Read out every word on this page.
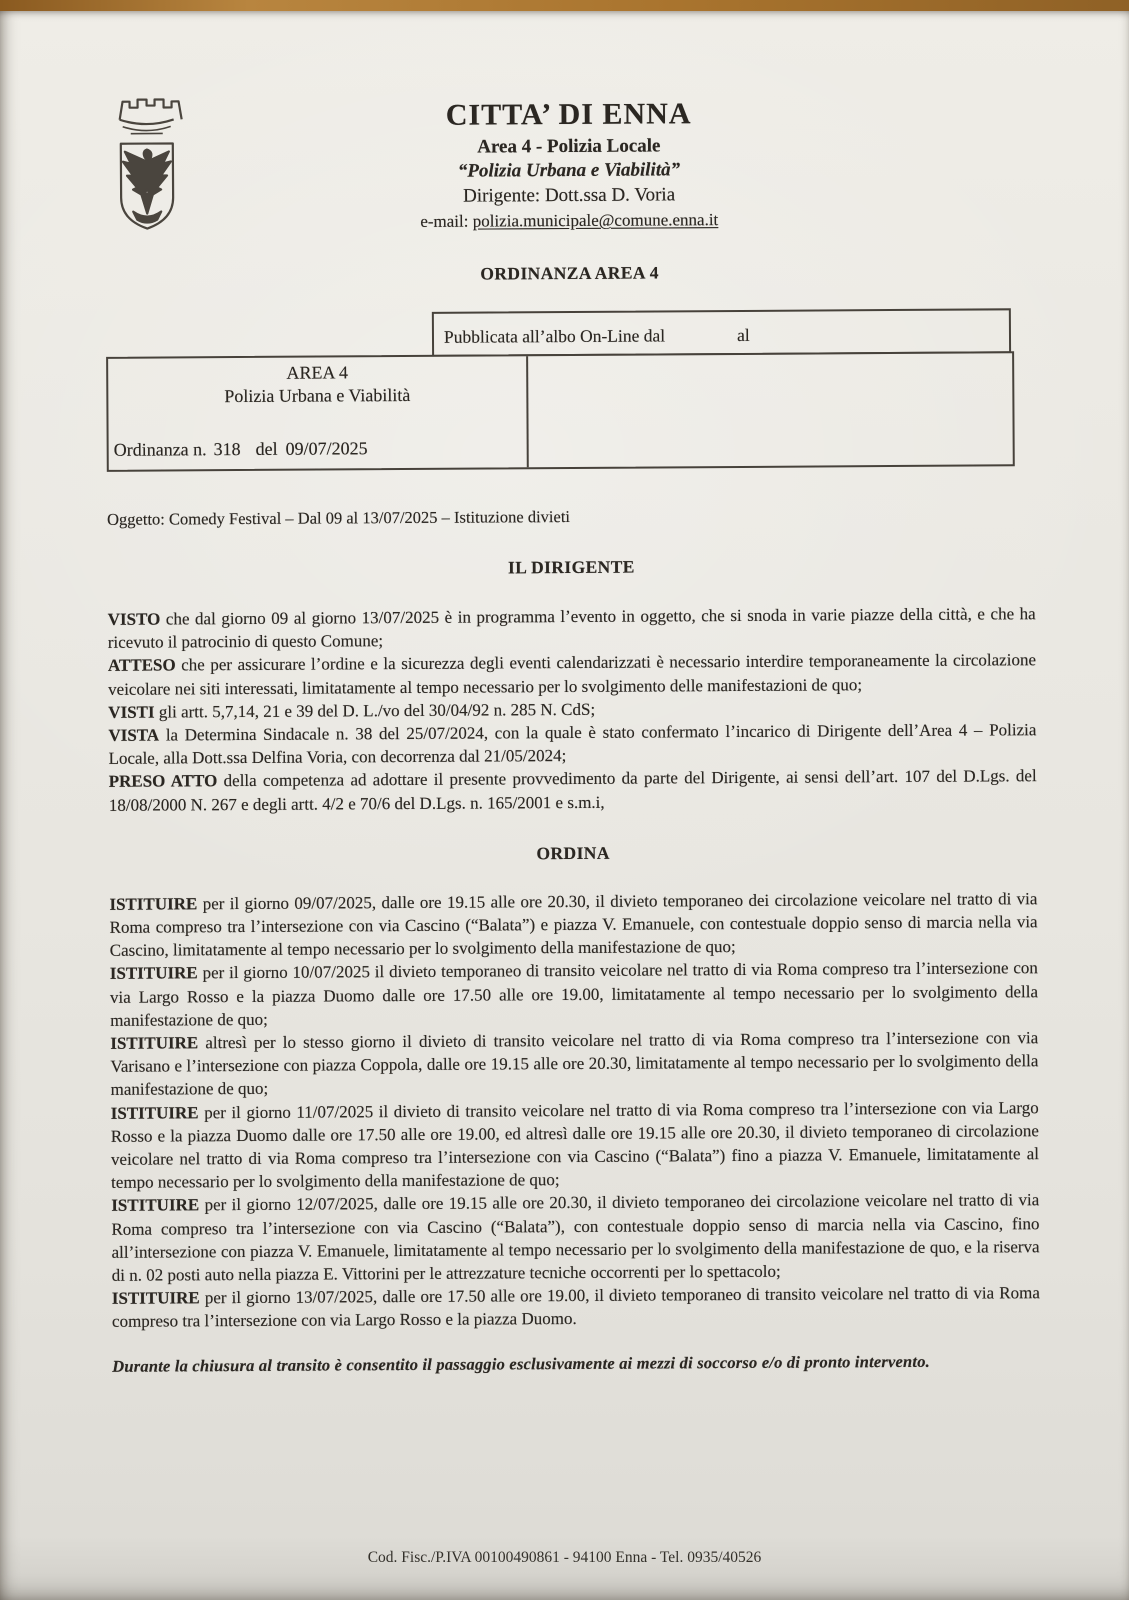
CITTA’ DI ENNA
Area 4 - Polizia Locale
“Polizia Urbana e Viabilità”
Dirigente: Dott.ssa D. Voria
e-mail: polizia.municipale@comune.enna.it
ORDINANZA AREA 4
Pubblicata all’albo On-Line dal	al
AREA 4
Polizia Urbana e Viabilità
Ordinanza n. 318 del 09/07/2025

Oggetto: Comedy Festival – Dal 09 al 13/07/2025 – Istituzione divieti

IL DIRIGENTE

VISTO che dal giorno 09 al giorno 13/07/2025 è in programma l’evento in oggetto, che si snoda in varie piazze della città, e che ha ricevuto il patrocinio di questo Comune;

ATTESO che per assicurare l’ordine e la sicurezza degli eventi calendarizzati è necessario interdire temporaneamente la circolazione veicolare nei siti interessati, limitatamente al tempo necessario per lo svolgimento delle manifestazioni de quo;

VISTI gli artt. 5,7,14, 21 e 39 del D. L./vo del 30/04/92 n. 285 N. CdS;

VISTA la Determina Sindacale n. 38 del 25/07/2024, con la quale è stato confermato l’incarico di Dirigente dell’Area 4 – Polizia Locale, alla Dott.ssa Delfina Voria, con decorrenza dal 21/05/2024;

PRESO ATTO della competenza ad adottare il presente provvedimento da parte del Dirigente, ai sensi dell’art. 107 del D.Lgs. del 18/08/2000 N. 267 e degli artt. 4/2 e 70/6 del D.Lgs. n. 165/2001 e s.m.i,

ORDINA

ISTITUIRE per il giorno 09/07/2025, dalle ore 19.15 alle ore 20.30, il divieto temporaneo dei circolazione veicolare nel tratto di via Roma compreso tra l’intersezione con via Cascino (“Balata”) e piazza V. Emanuele, con contestuale doppio senso di marcia nella via Cascino, limitatamente al tempo necessario per lo svolgimento della manifestazione de quo;

ISTITUIRE per il giorno 10/07/2025 il divieto temporaneo di transito veicolare nel tratto di via Roma compreso tra l’intersezione con via Largo Rosso e la piazza Duomo dalle ore 17.50 alle ore 19.00, limitatamente al tempo necessario per lo svolgimento della manifestazione de quo;

ISTITUIRE altresì per lo stesso giorno il divieto di transito veicolare nel tratto di via Roma compreso tra l’intersezione con via Varisano e l’intersezione con piazza Coppola, dalle ore 19.15 alle ore 20.30, limitatamente al tempo necessario per lo svolgimento della manifestazione de quo;

ISTITUIRE per il giorno 11/07/2025 il divieto di transito veicolare nel tratto di via Roma compreso tra l’intersezione con via Largo Rosso e la piazza Duomo dalle ore 17.50 alle ore 19.00, ed altresì dalle ore 19.15 alle ore 20.30, il divieto temporaneo di circolazione veicolare nel tratto di via Roma compreso tra l’intersezione con via Cascino (“Balata”) fino a piazza V. Emanuele, limitatamente al tempo necessario per lo svolgimento della manifestazione de quo;

ISTITUIRE per il giorno 12/07/2025, dalle ore 19.15 alle ore 20.30, il divieto temporaneo dei circolazione veicolare nel tratto di via Roma compreso tra l’intersezione con via Cascino (“Balata”), con contestuale doppio senso di marcia nella via Cascino, fino all’intersezione con piazza V. Emanuele, limitatamente al tempo necessario per lo svolgimento della manifestazione de quo, e la riserva di n. 02 posti auto nella piazza E. Vittorini per le attrezzature tecniche occorrenti per lo spettacolo;

ISTITUIRE per il giorno 13/07/2025, dalle ore 17.50 alle ore 19.00, il divieto temporaneo di transito veicolare nel tratto di via Roma compreso tra l’intersezione con via Largo Rosso e la piazza Duomo.

Durante la chiusura al transito è consentito il passaggio esclusivamente ai mezzi di soccorso e/o di pronto intervento.

Cod. Fisc./P.IVA 00100490861 - 94100 Enna - Tel. 0935/40526
